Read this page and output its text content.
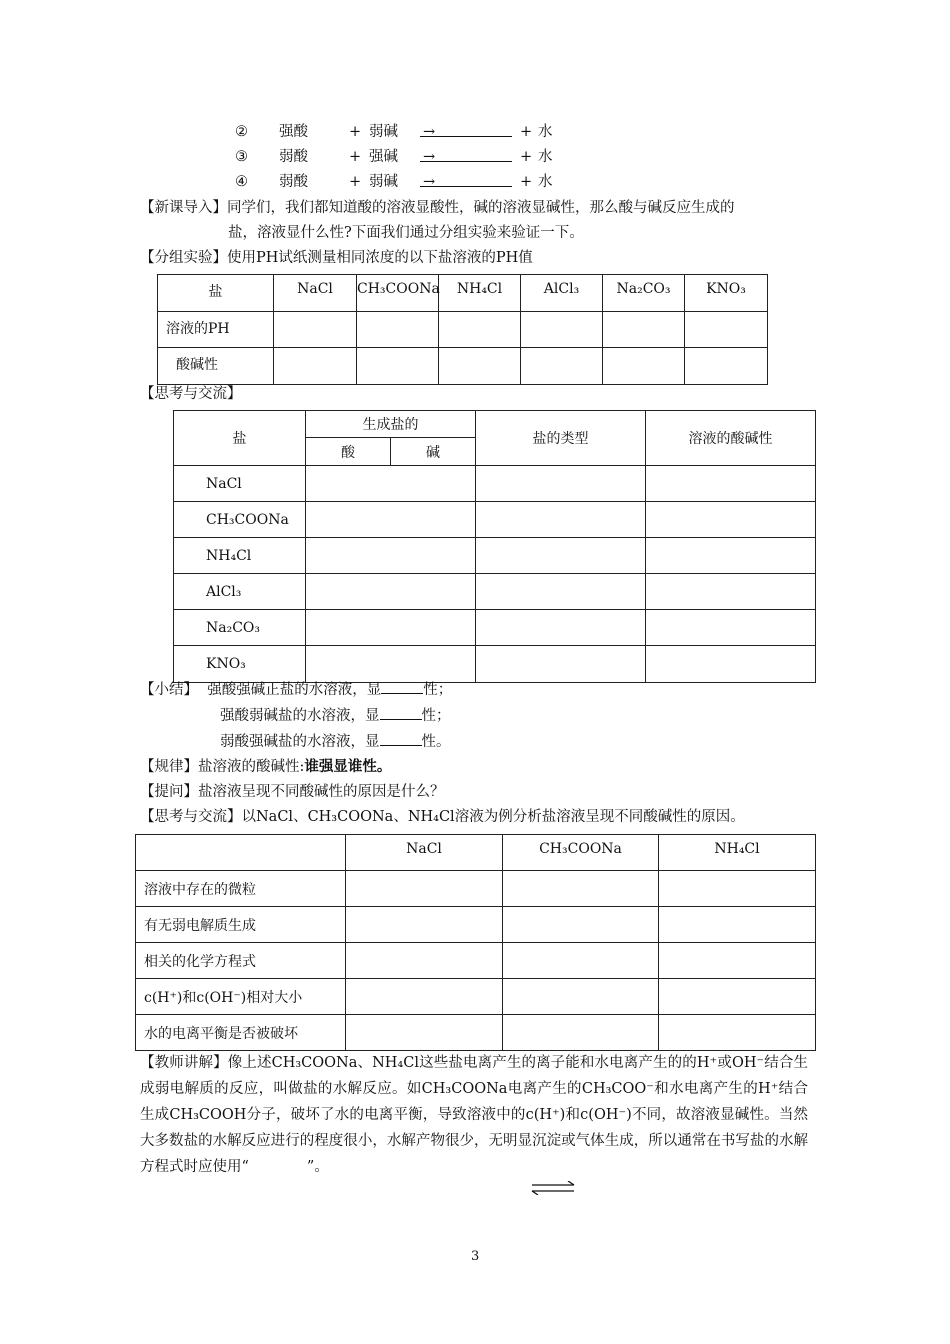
② 强酸	+ 弱碱 →	+ 水
③ 弱酸	+ 强碱 →	+ 水
④ 弱酸	+ 弱碱 →	+ 水
【新课导入】同学们，我们都知道酸的溶液显酸性，碱的溶液显碱性，那么酸与碱反应生成的
盐，溶液显什么性?下面我们通过分组实验来验证一下。
【分组实验】使用PH试纸测量相同浓度的以下盐溶液的PH值
盐	NaCl	CH₃COONa	NH₄Cl	AlCl₃	Na₂CO₃	KNO₃
溶液的PH						
酸碱性						
【思考与交流】
盐	生成盐的		盐的类型	溶液的酸碱性
	酸	碱		
NaCl				
CH₃COONa				
NH₄Cl				
AlCl₃				
Na₂CO₃				
KNO₃				
【小结】 强酸强碱正盐的水溶液，显	性；
强酸弱碱盐的水溶液，显	性；
弱酸强碱盐的水溶液，显	性。
【规律】盐溶液的酸碱性:谁强显谁性。
【提问】盐溶液呈现不同酸碱性的原因是什么？
【思考与交流】以NaCl、CH₃COONa、NH₄Cl溶液为例分析盐溶液呈现不同酸碱性的原因。
	NaCl	CH₃COONa	NH₄Cl
溶液中存在的微粒			
有无弱电解质生成			
相关的化学方程式			
c(H⁺)和c(OH⁻)相对大小			
水的电离平衡是否被破坏			
【教师讲解】像上述CH₃COONa、NH₄Cl这些盐电离产生的离子能和水电离产生的的H⁺或OH⁻结合生成弱电解质的反应，叫做盐的水解反应。如CH₃COONa电离产生的CH₃COO⁻和水电离产生的H⁺结合生成CH₃COOH分子，破坏了水的电离平衡，导致溶液中的c(H⁺)和c(OH⁻)不同，故溶液显碱性。当然大多数盐的水解反应进行的程度很小，水解产物很少，无明显沉淀或气体生成，所以通常在书写盐的水解方程式时应使用“　　　　”。
3
